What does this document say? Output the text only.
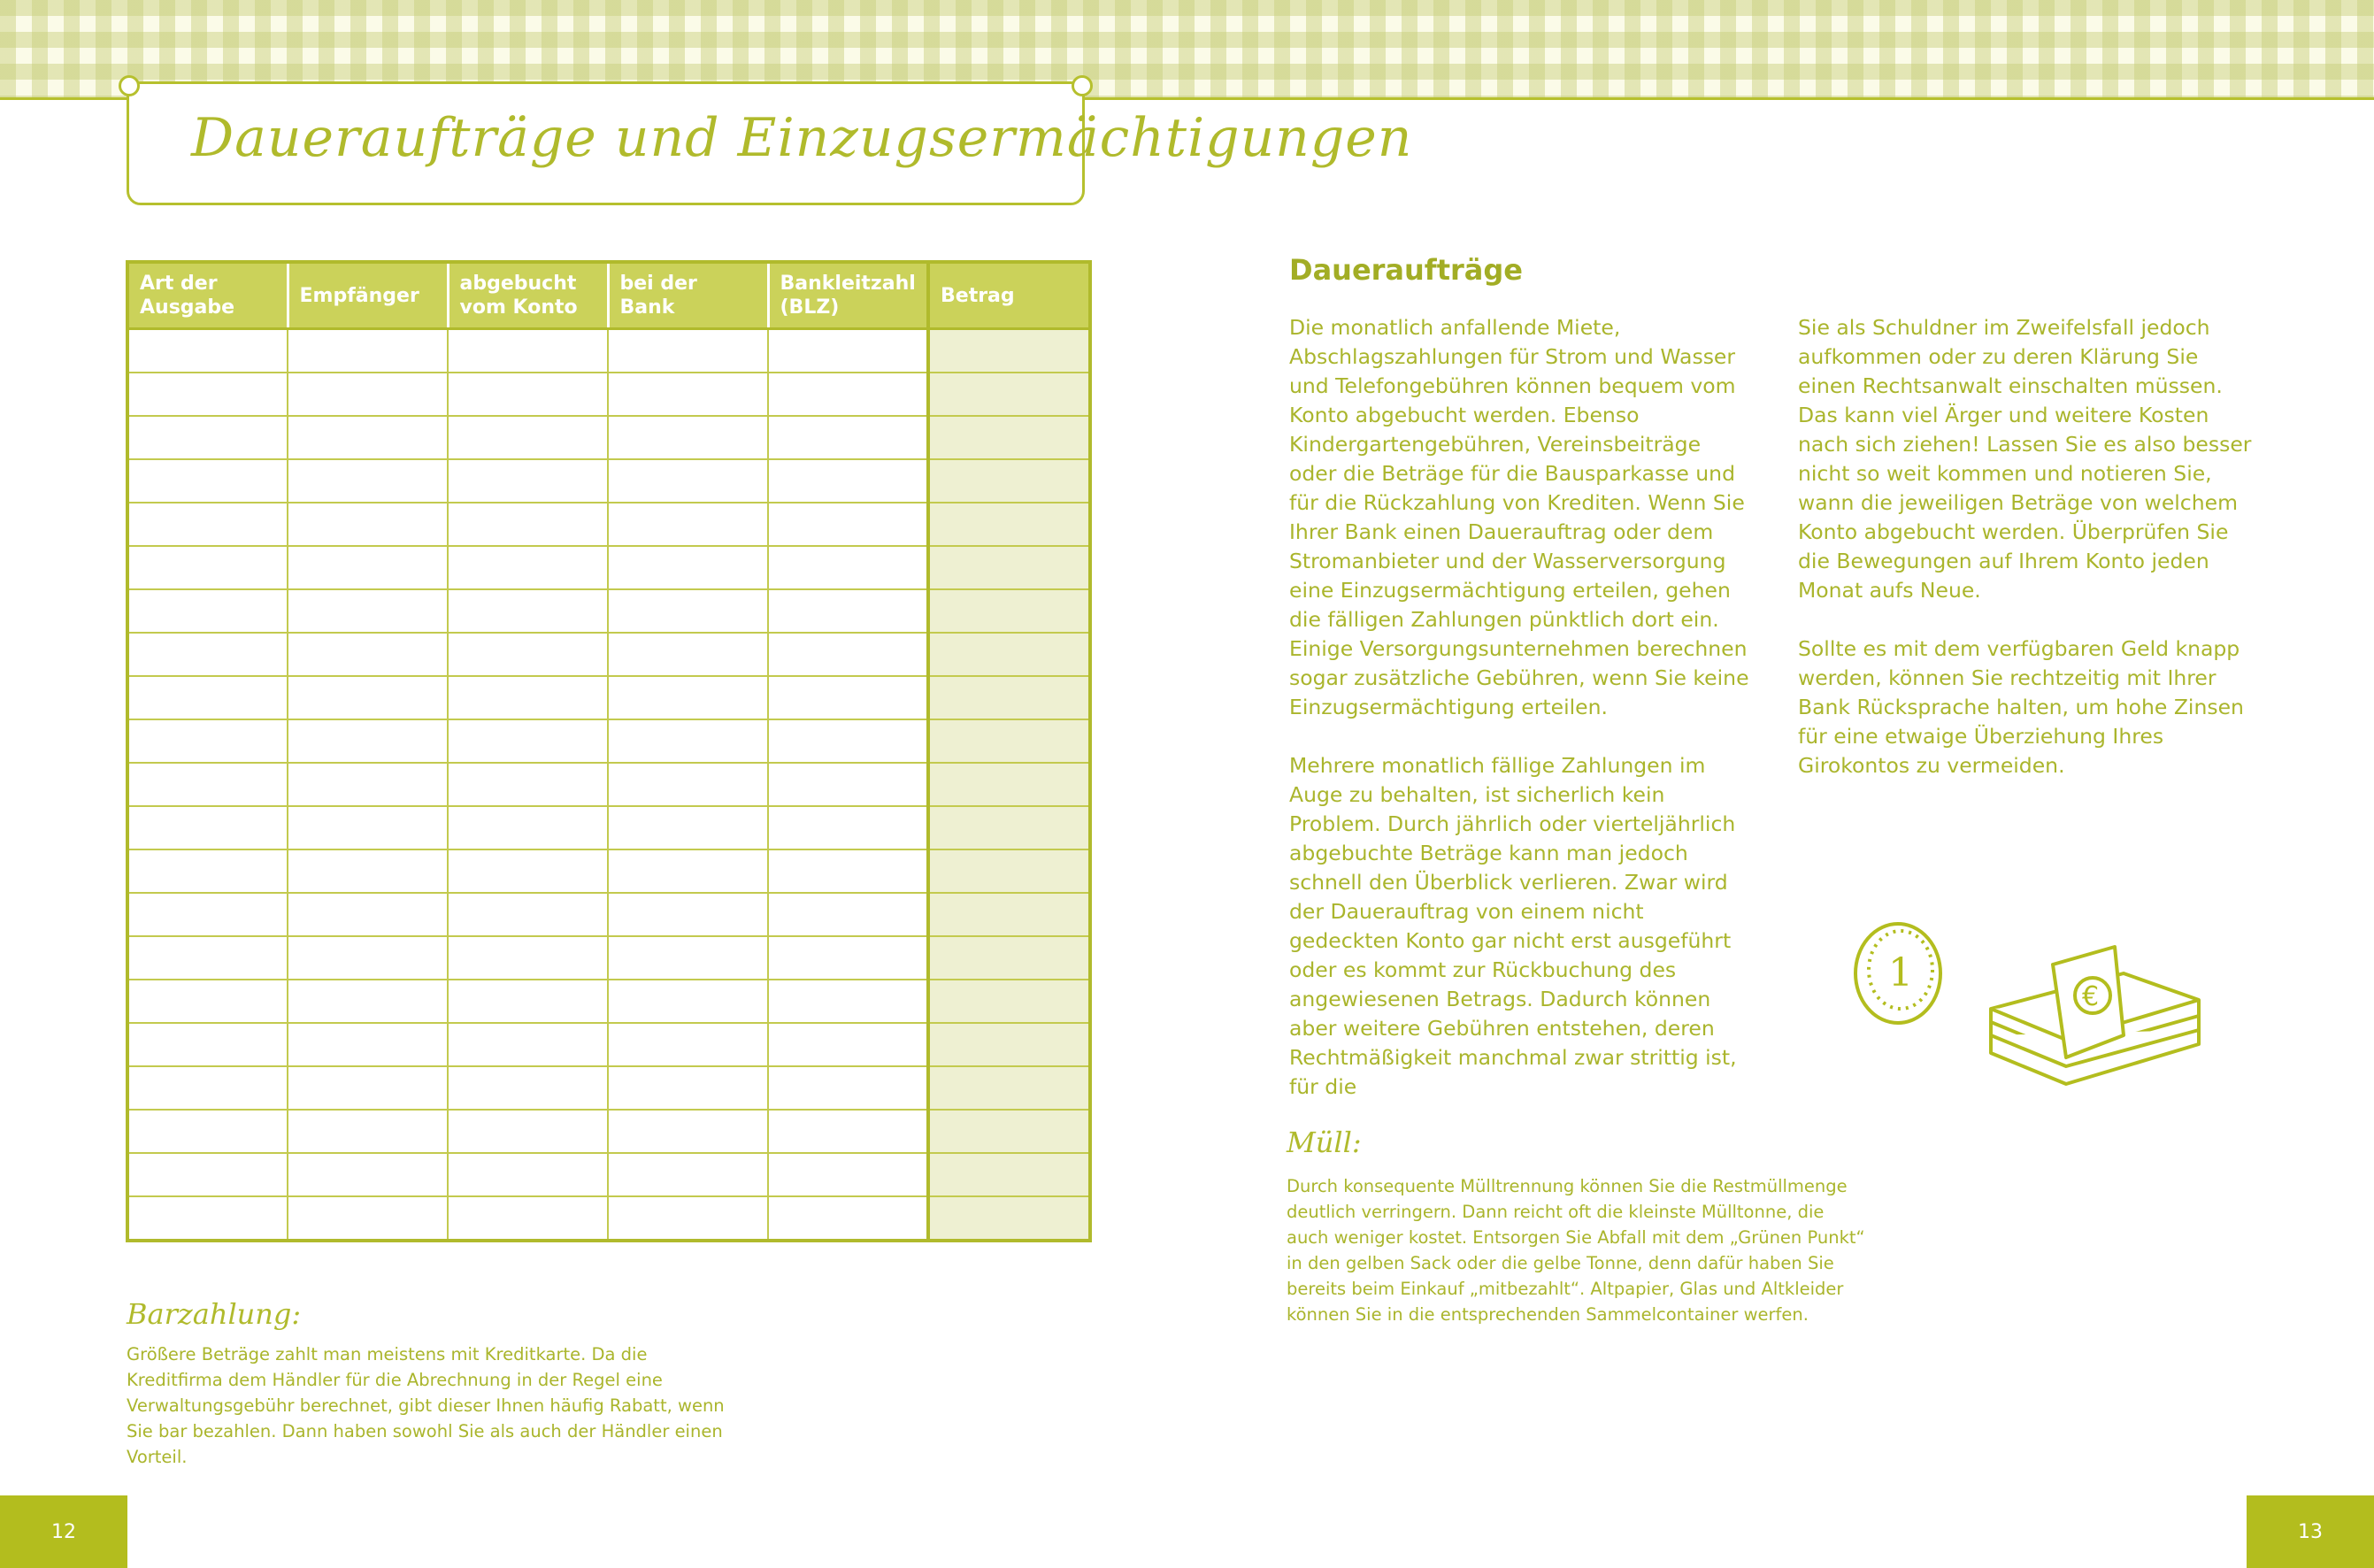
Daueraufträge und Einzugsermächtigungen
Art der Ausgabe	Empfänger	abgebucht vom Konto	bei der Bank	Bankleitzahl (BLZ)	Betrag

Daueraufträge

Die monatlich anfallende Miete, Abschlagszahlungen für Strom und Wasser und Telefongebühren können bequem vom Konto abgebucht werden. Ebenso Kindergartengebühren, Vereinsbeiträge oder die Beträge für die Bausparkasse und für die Rückzahlung von Krediten. Wenn Sie Ihrer Bank einen Dauerauftrag oder dem Stromanbieter und der Wasserversorgung eine Einzugsermächtigung erteilen, gehen die fälligen Zahlungen pünktlich dort ein. Einige Versorgungsunternehmen berechnen sogar zusätzliche Gebühren, wenn Sie keine Einzugsermächtigung erteilen.

Mehrere monatlich fällige Zahlungen im Auge zu behalten, ist sicherlich kein Problem. Durch jährlich oder vierteljährlich abgebuchte Beträge kann man jedoch schnell den Überblick verlieren. Zwar wird der Dauerauftrag von einem nicht gedeckten Konto gar nicht erst ausgeführt oder es kommt zur Rückbuchung des angewiesenen Betrags. Dadurch können aber weitere Gebühren entstehen, deren Rechtmäßigkeit manchmal zwar strittig ist, für die

Sie als Schuldner im Zweifelsfall jedoch aufkommen oder zu deren Klärung Sie einen Rechtsanwalt einschalten müssen. Das kann viel Ärger und weitere Kosten nach sich ziehen! Lassen Sie es also besser nicht so weit kommen und notieren Sie, wann die jeweiligen Beträge von welchem Konto abgebucht werden. Überprüfen Sie die Bewegungen auf Ihrem Konto jeden Monat aufs Neue.

Sollte es mit dem verfügbaren Geld knapp werden, können Sie rechtzeitig mit Ihrer Bank Rücksprache halten, um hohe Zinsen für eine etwaige Überziehung Ihres Girokontos zu vermeiden.

1
€
Barzahlung:
Größere Beträge zahlt man meistens mit Kreditkarte. Da die Kreditfirma dem Händler für die Abrechnung in der Regel eine Verwaltungsgebühr berechnet, gibt dieser Ihnen häufig Rabatt, wenn Sie bar bezahlen. Dann haben sowohl Sie als auch der Händler einen Vorteil.
Müll:
Durch konsequente Mülltrennung können Sie die Restmüllmenge deutlich verringern. Dann reicht oft die kleinste Mülltonne, die auch weniger kostet. Entsorgen Sie Abfall mit dem „Grünen Punkt“ in den gelben Sack oder die gelbe Tonne, denn dafür haben Sie bereits beim Einkauf „mitbezahlt“. Altpapier, Glas und Altkleider können Sie in die entsprechenden Sammelcontainer werfen.
12	13
